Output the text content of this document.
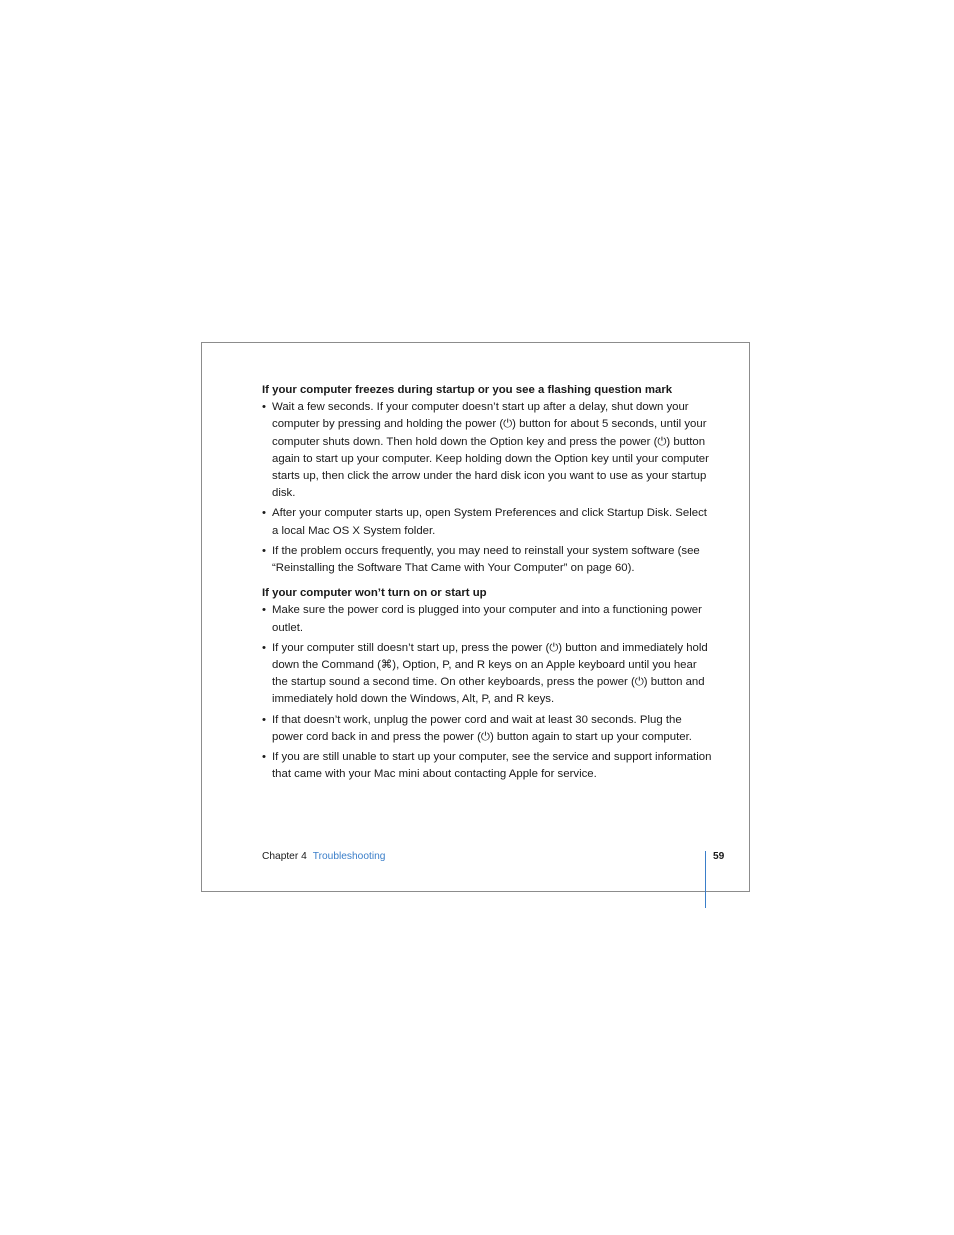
If your computer freezes during startup or you see a flashing question mark

• Wait a few seconds. If your computer doesn’t start up after a delay, shut down your computer by pressing and holding the power (⏻) button for about 5 seconds, until your computer shuts down. Then hold down the Option key and press the power (⏻) button again to start up your computer. Keep holding down the Option key until your computer starts up, then click the arrow under the hard disk icon you want to use as your startup disk.
• After your computer starts up, open System Preferences and click Startup Disk. Select a local Mac OS X System folder.
• If the problem occurs frequently, you may need to reinstall your system software (see “Reinstalling the Software That Came with Your Computer” on page 60).

If your computer won’t turn on or start up

• Make sure the power cord is plugged into your computer and into a functioning power outlet.
• If your computer still doesn’t start up, press the power (⏻) button and immediately hold down the Command (⌘), Option, P, and R keys on an Apple keyboard until you hear the startup sound a second time. On other keyboards, press the power (⏻) button and immediately hold down the Windows, Alt, P, and R keys.
• If that doesn’t work, unplug the power cord and wait at least 30 seconds. Plug the power cord back in and press the power (⏻) button again to start up your computer.
• If you are still unable to start up your computer, see the service and support information that came with your Mac mini about contacting Apple for service.
Chapter 4 Troubleshooting	59
